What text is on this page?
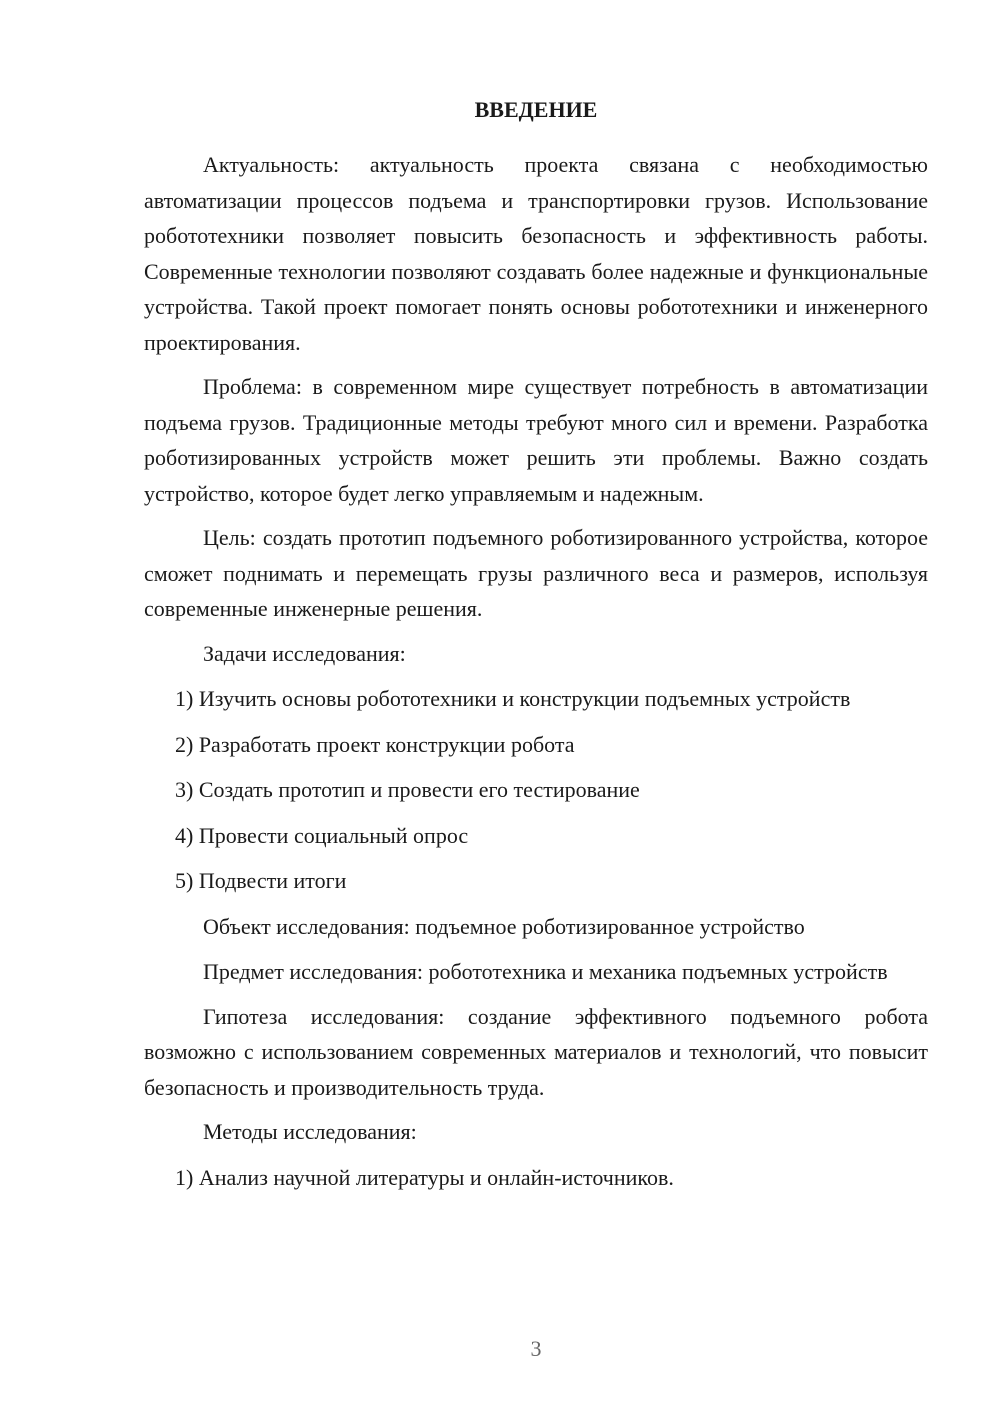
ВВЕДЕНИЕ

Актуальность: актуальность проекта связана с необходимостью автоматизации процессов подъема и транспортировки грузов. Использование робототехники позволяет повысить безопасность и эффективность работы. Современные технологии позволяют создавать более надежные и функциональные устройства. Такой проект помогает понять основы робототехники и инженерного проектирования.

Проблема: в современном мире существует потребность в автоматизации подъема грузов. Традиционные методы требуют много сил и времени. Разработка роботизированных устройств может решить эти проблемы. Важно создать устройство, которое будет легко управляемым и надежным.

Цель: создать прототип подъемного роботизированного устройства, которое сможет поднимать и перемещать грузы различного веса и размеров, используя современные инженерные решения.

Задачи исследования:

1) Изучить основы робототехники и конструкции подъемных устройств

2) Разработать проект конструкции робота

3) Создать прототип и провести его тестирование

4) Провести социальный опрос

5) Подвести итоги

Объект исследования: подъемное роботизированное устройство

Предмет исследования: робототехника и механика подъемных устройств

Гипотеза исследования: создание эффективного подъемного робота возможно с использованием современных материалов и технологий, что повысит безопасность и производительность труда.

Методы исследования:

1) Анализ научной литературы и онлайн-источников.

3
